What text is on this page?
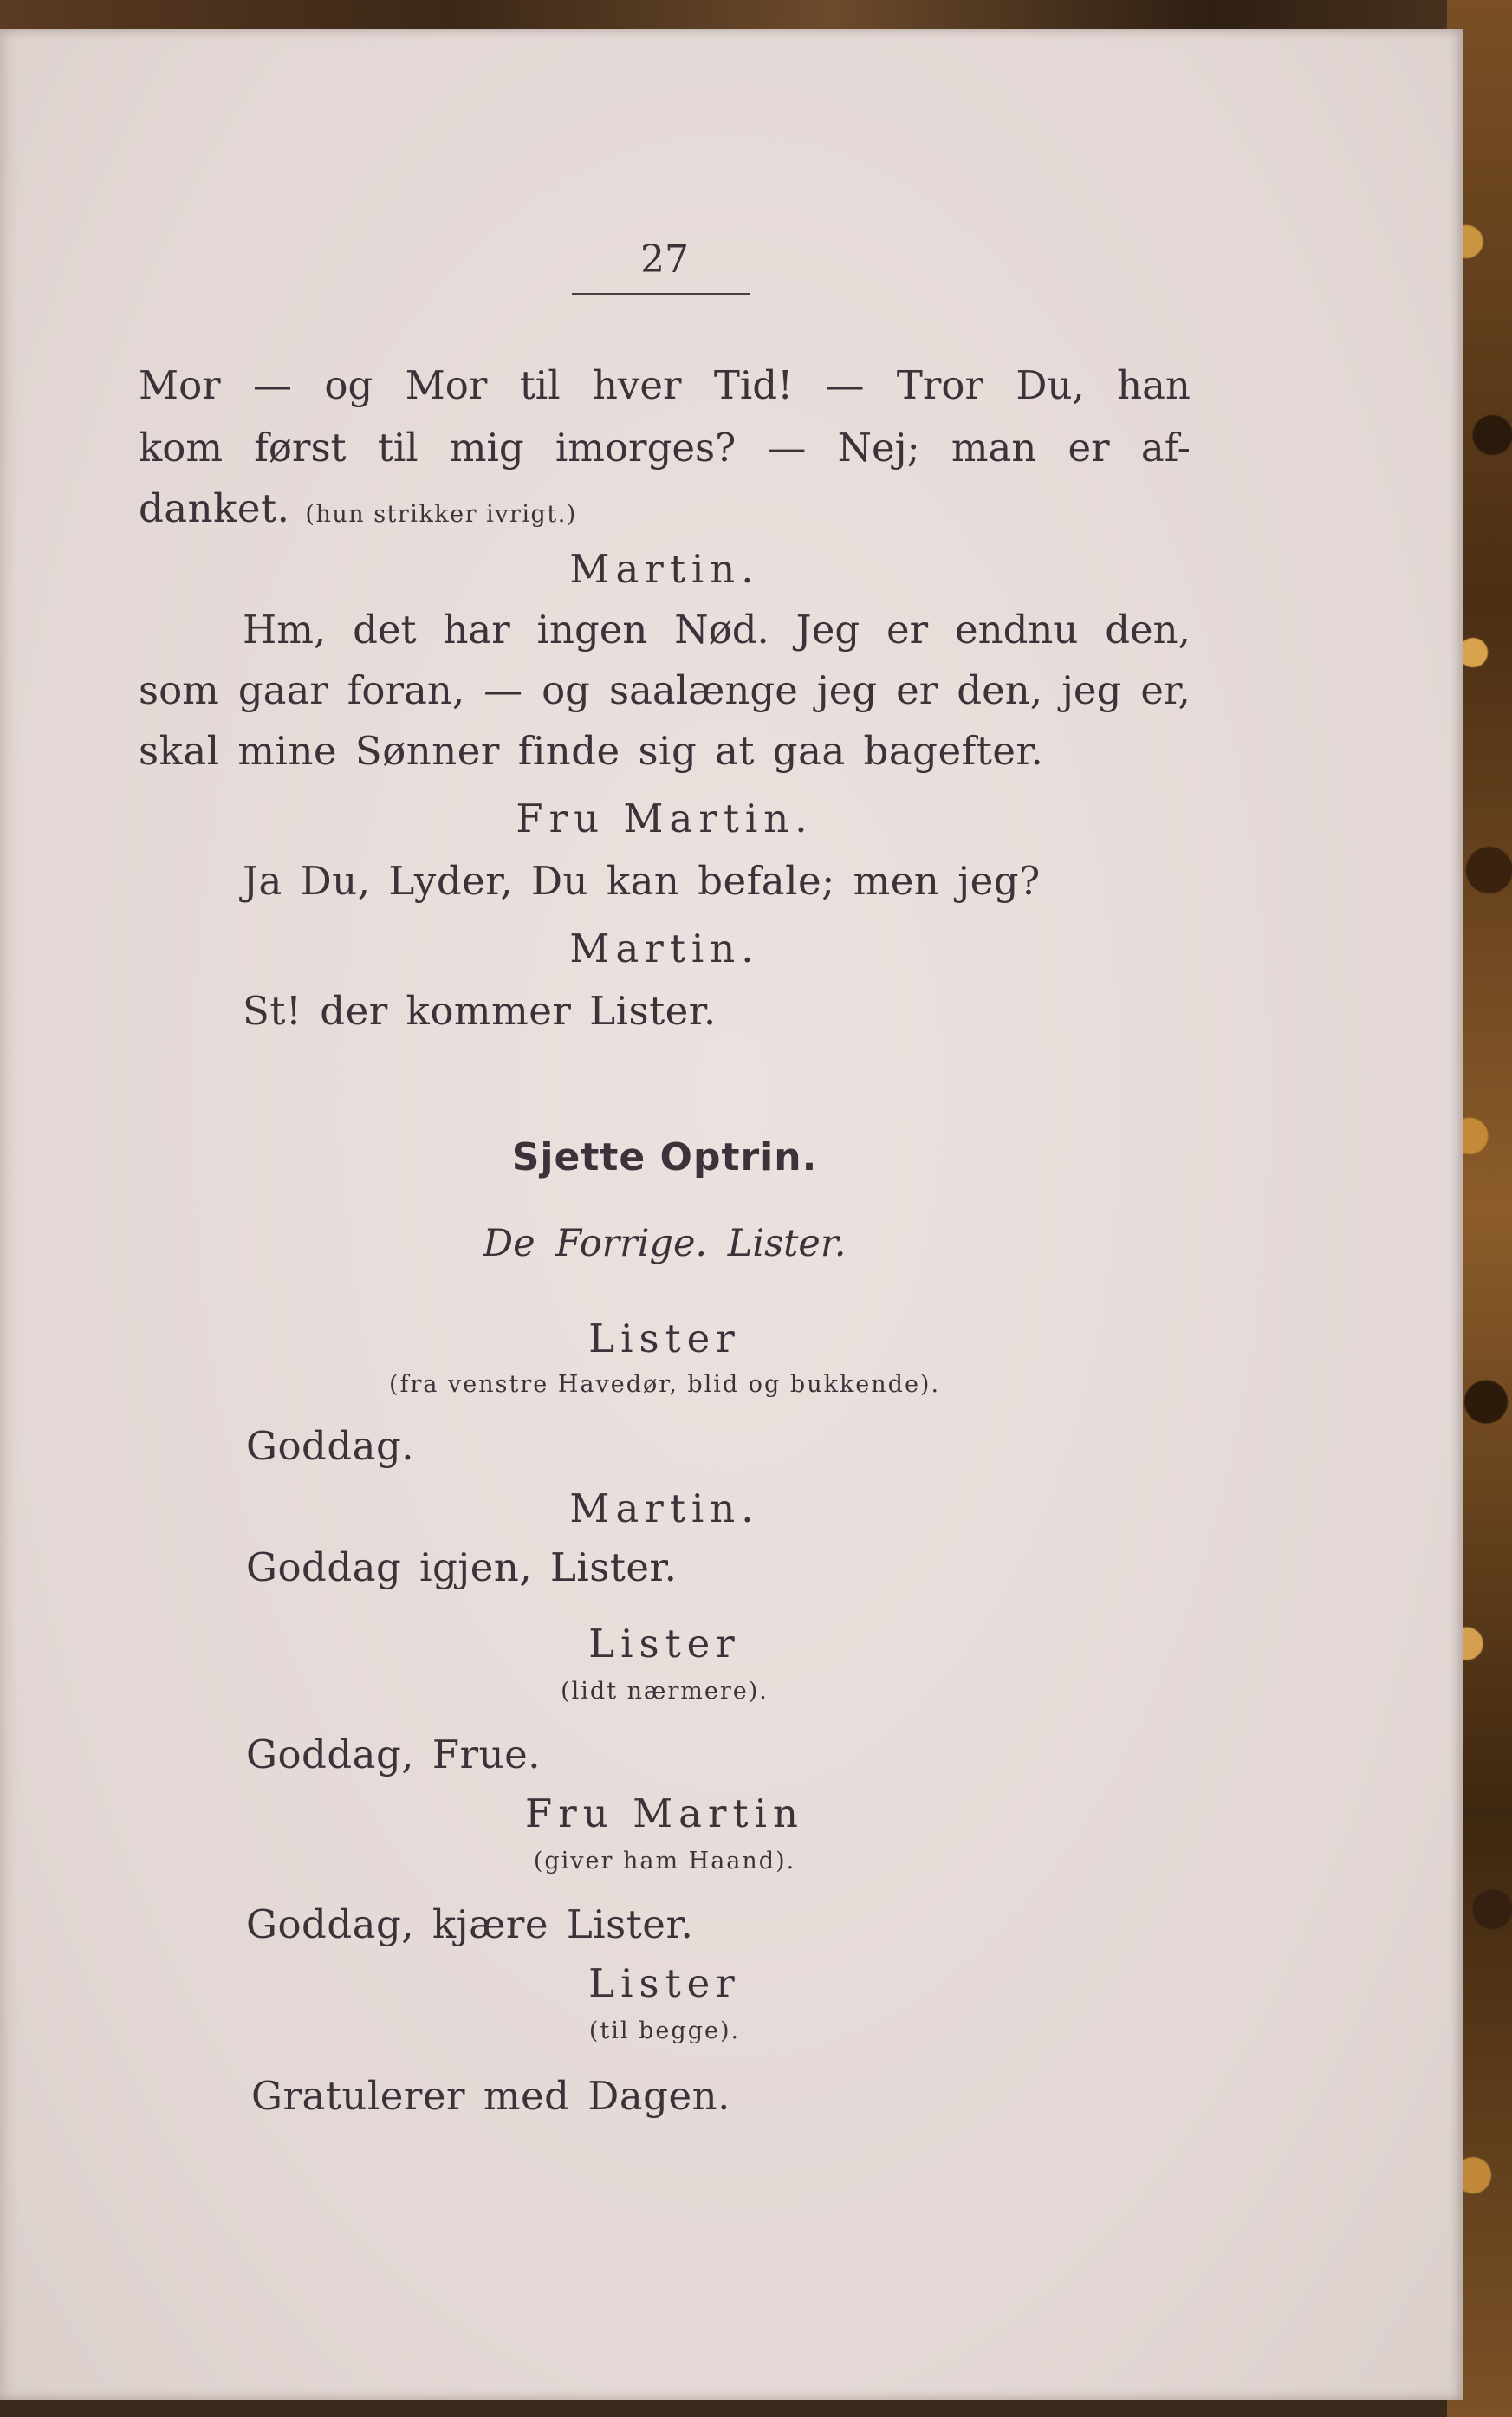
27
Mor — og Mor til hver Tid! — Tror Du, han
kom først til mig imorges? — Nej; man er af-
danket. (hun strikker ivrigt.)
Martin.
Hm, det har ingen Nød. Jeg er endnu den,
som gaar foran, — og saalænge jeg er den, jeg er,
skal mine Sønner finde sig at gaa bagefter.
Fru Martin.
Ja Du, Lyder, Du kan befale; men jeg?
Martin.
St! der kommer Lister.
Sjette Optrin.
De Forrige. Lister.
Lister
(fra venstre Havedør, blid og bukkende).
Goddag.
Martin.
Goddag igjen, Lister.
Lister
(lidt nærmere).
Goddag, Frue.
Fru Martin
(giver ham Haand).
Goddag, kjære Lister.
Lister
(til begge).
Gratulerer med Dagen.
